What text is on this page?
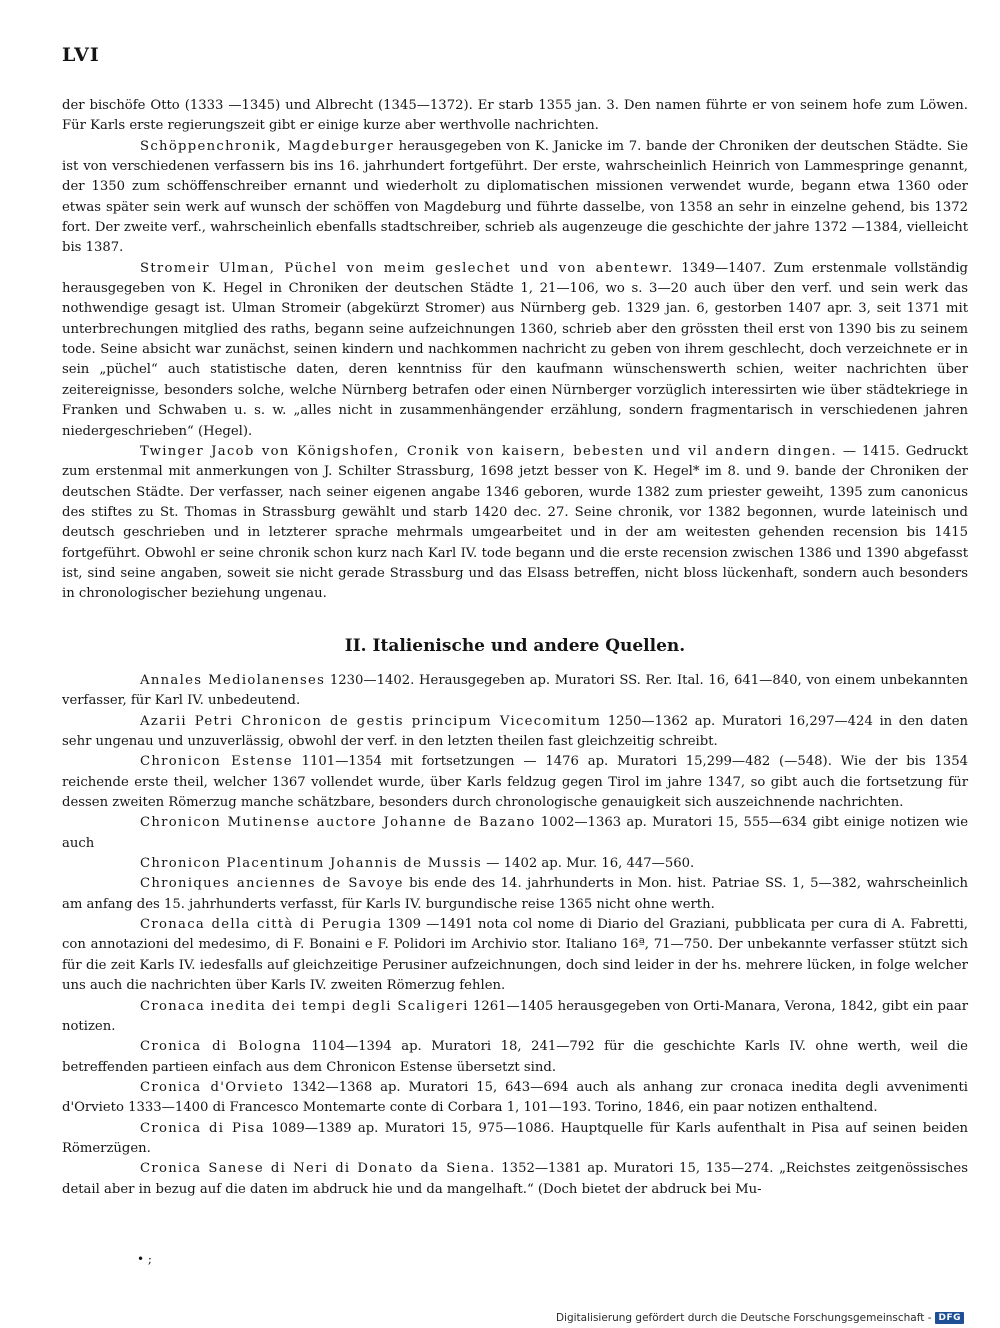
LVI

der bischöfe Otto (1333 —1345) und Albrecht (1345—1372). Er starb 1355 jan. 3. Den namen führte er von seinem hofe zum Löwen. Für Karls erste regierungszeit gibt er einige kurze aber werthvolle nachrichten.

Schöppenchronik, Magdeburger herausgegeben von K. Janicke im 7. bande der Chroniken der deutschen Städte. Sie ist von verschiedenen verfassern bis ins 16. jahrhundert fortgeführt. Der erste, wahrscheinlich Heinrich von Lammespringe genannt, der 1350 zum schöffenschreiber ernannt und wiederholt zu diplomatischen missionen verwendet wurde, begann etwa 1360 oder etwas später sein werk auf wunsch der schöffen von Magdeburg und führte dasselbe, von 1358 an sehr in einzelne gehend, bis 1372 fort. Der zweite verf., wahrscheinlich ebenfalls stadtschreiber, schrieb als augenzeuge die geschichte der jahre 1372 —1384, vielleicht bis 1387.

Stromeir Ulman, Püchel von meim geslechet und von abentewr. 1349—1407. Zum erstenmale vollständig herausgegeben von K. Hegel in Chroniken der deutschen Städte 1, 21—106, wo s. 3—20 auch über den verf. und sein werk das nothwendige gesagt ist. Ulman Stromeir (abgekürzt Stromer) aus Nürnberg geb. 1329 jan. 6, gestorben 1407 apr. 3, seit 1371 mit unterbrechungen mitglied des raths, begann seine aufzeichnungen 1360, schrieb aber den grössten theil erst von 1390 bis zu seinem tode. Seine absicht war zunächst, seinen kindern und nachkommen nachricht zu geben von ihrem geschlecht, doch verzeichnete er in sein „püchel“ auch statistische daten, deren kenntniss für den kaufmann wünschenswerth schien, weiter nachrichten über zeitereignisse, besonders solche, welche Nürnberg betrafen oder einen Nürnberger vorzüglich interessirten wie über städtekriege in Franken und Schwaben u. s. w. „alles nicht in zusammenhängender erzählung, sondern fragmentarisch in verschiedenen jahren niedergeschrieben“ (Hegel).

Twinger Jacob von Königshofen, Cronik von kaisern, bebesten und vil andern dingen. — 1415. Gedruckt zum erstenmal mit anmerkungen von J. Schilter Strassburg, 1698 jetzt besser von K. Hegel* im 8. und 9. bande der Chroniken der deutschen Städte. Der verfasser, nach seiner eigenen angabe 1346 geboren, wurde 1382 zum priester geweiht, 1395 zum canonicus des stiftes zu St. Thomas in Strassburg gewählt und starb 1420 dec. 27. Seine chronik, vor 1382 begonnen, wurde lateinisch und deutsch geschrieben und in letzterer sprache mehrmals umgearbeitet und in der am weitesten gehenden recension bis 1415 fortgeführt. Obwohl er seine chronik schon kurz nach Karl IV. tode begann und die erste recension zwischen 1386 und 1390 abgefasst ist, sind seine angaben, soweit sie nicht gerade Strassburg und das Elsass betreffen, nicht bloss lückenhaft, sondern auch besonders in chronologischer beziehung ungenau.

II. Italienische und andere Quellen.

Annales Mediolanenses 1230—1402. Herausgegeben ap. Muratori SS. Rer. Ital. 16, 641—840, von einem unbekannten verfasser, für Karl IV. unbedeutend.

Azarii Petri Chronicon de gestis principum Vicecomitum 1250—1362 ap. Muratori 16,297—424 in den daten sehr ungenau und unzuverlässig, obwohl der verf. in den letzten theilen fast gleichzeitig schreibt.

Chronicon Estense 1101—1354 mit fortsetzungen — 1476 ap. Muratori 15,299—482 (—548). Wie der bis 1354 reichende erste theil, welcher 1367 vollendet wurde, über Karls feldzug gegen Tirol im jahre 1347, so gibt auch die fortsetzung für dessen zweiten Römerzug manche schätzbare, besonders durch chronologische genauigkeit sich auszeichnende nachrichten.

Chronicon Mutinense auctore Johanne de Bazano 1002—1363 ap. Muratori 15, 555—634 gibt einige notizen wie auch

Chronicon Placentinum Johannis de Mussis — 1402 ap. Mur. 16, 447—560.

Chroniques anciennes de Savoye bis ende des 14. jahrhunderts in Mon. hist. Patriae SS. 1, 5—382, wahrscheinlich am anfang des 15. jahrhunderts verfasst, für Karls IV. burgundische reise 1365 nicht ohne werth.

Cronaca della città di Perugia 1309 —1491 nota col nome di Diario del Graziani, pubblicata per cura di A. Fabretti, con annotazioni del medesimo, di F. Bonaini e F. Polidori im Archivio stor. Italiano 16ª, 71—750. Der unbekannte verfasser stützt sich für die zeit Karls IV. iedesfalls auf gleichzeitige Perusiner aufzeichnungen, doch sind leider in der hs. mehrere lücken, in folge welcher uns auch die nachrichten über Karls IV. zweiten Römerzug fehlen.

Cronaca inedita dei tempi degli Scaligeri 1261—1405 herausgegeben von Orti-Manara, Verona, 1842, gibt ein paar notizen.

Cronica di Bologna 1104—1394 ap. Muratori 18, 241—792 für die geschichte Karls IV. ohne werth, weil die betreffenden partieen einfach aus dem Chronicon Estense übersetzt sind.

Cronica d'Orvieto 1342—1368 ap. Muratori 15, 643—694 auch als anhang zur cronaca inedita degli avvenimenti d'Orvieto 1333—1400 di Francesco Montemarte conte di Corbara 1, 101—193. Torino, 1846, ein paar notizen enthaltend.

Cronica di Pisa 1089—1389 ap. Muratori 15, 975—1086. Hauptquelle für Karls aufenthalt in Pisa auf seinen beiden Römerzügen.

Cronica Sanese di Neri di Donato da Siena. 1352—1381 ap. Muratori 15, 135—274. „Reichstes zeitgenössisches detail aber in bezug auf die daten im abdruck hie und da mangelhaft.“ (Doch bietet der abdruck bei Mu-

• ;
Digitalisierung gefördert durch die Deutsche Forschungsgemeinschaft - DFG
